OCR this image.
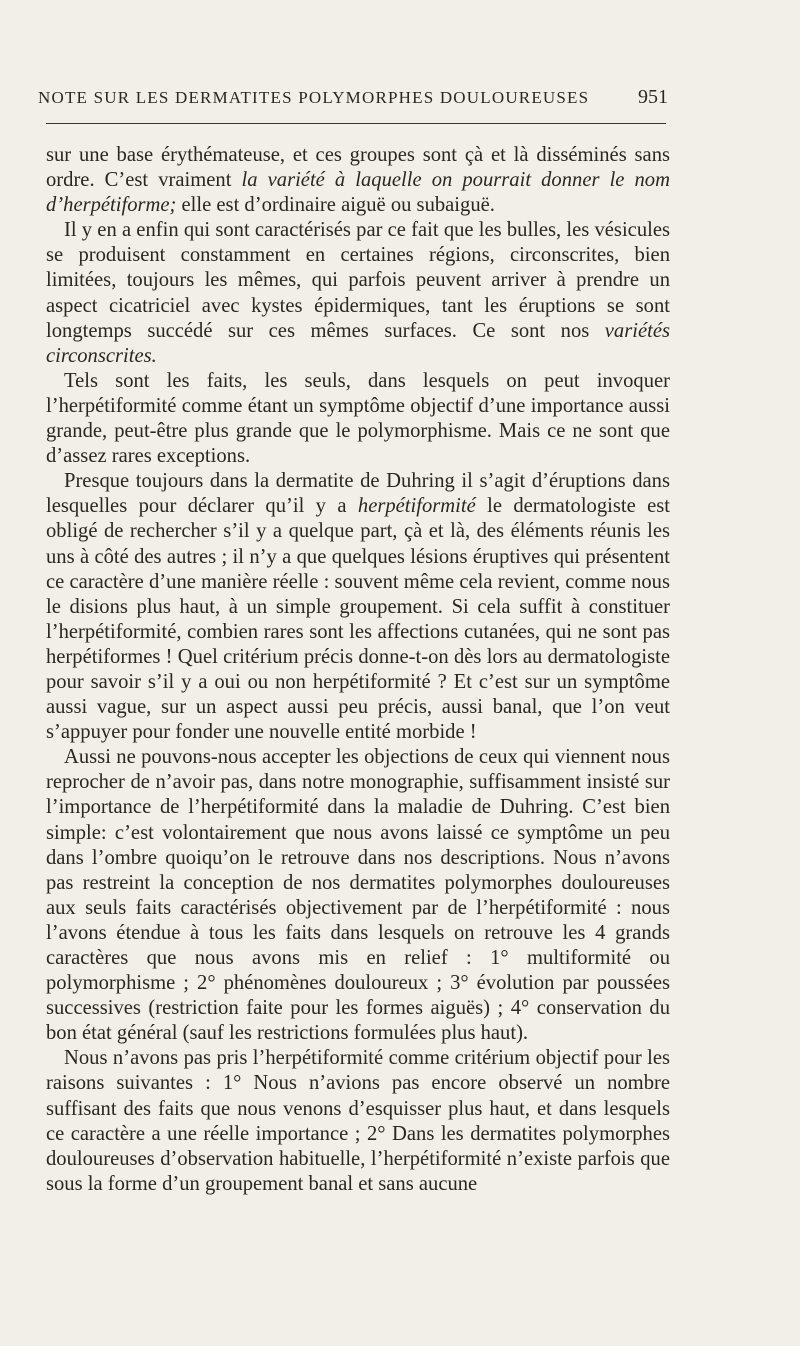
NOTE SUR LES DERMATITES POLYMORPHES DOULOUREUSES 951

sur une base érythémateuse, et ces groupes sont çà et là disséminés sans ordre. C’est vraiment la variété à laquelle on pourrait donner le nom d’herpétiforme; elle est d’ordinaire aiguë ou subaiguë.

Il y en a enfin qui sont caractérisés par ce fait que les bulles, les vésicules se produisent constamment en certaines régions, circonscrites, bien limitées, toujours les mêmes, qui parfois peuvent arriver à prendre un aspect cicatriciel avec kystes épidermiques, tant les éruptions se sont longtemps succédé sur ces mêmes surfaces. Ce sont nos variétés circonscrites.

Tels sont les faits, les seuls, dans lesquels on peut invoquer l’herpétiformité comme étant un symptôme objectif d’une importance aussi grande, peut-être plus grande que le polymorphisme. Mais ce ne sont que d’assez rares exceptions.

Presque toujours dans la dermatite de Duhring il s’agit d’éruptions dans lesquelles pour déclarer qu’il y a herpétiformité le dermatologiste est obligé de rechercher s’il y a quelque part, çà et là, des éléments réunis les uns à côté des autres ; il n’y a que quelques lésions éruptives qui présentent ce caractère d’une manière réelle : souvent même cela revient, comme nous le disions plus haut, à un simple groupement. Si cela suffit à constituer l’herpétiformité, combien rares sont les affections cutanées, qui ne sont pas herpétiformes ! Quel critérium précis donne-t-on dès lors au dermatologiste pour savoir s’il y a oui ou non herpétiformité ? Et c’est sur un symptôme aussi vague, sur un aspect aussi peu précis, aussi banal, que l’on veut s’appuyer pour fonder une nouvelle entité morbide !

Aussi ne pouvons-nous accepter les objections de ceux qui viennent nous reprocher de n’avoir pas, dans notre monographie, suffisamment insisté sur l’importance de l’herpétiformité dans la maladie de Duhring. C’est bien simple: c’est volontairement que nous avons laissé ce symptôme un peu dans l’ombre quoiqu’on le retrouve dans nos descriptions. Nous n’avons pas restreint la conception de nos dermatites polymorphes douloureuses aux seuls faits caractérisés objectivement par de l’herpétiformité : nous l’avons étendue à tous les faits dans lesquels on retrouve les 4 grands caractères que nous avons mis en relief : 1° multiformité ou polymorphisme ; 2° phénomènes douloureux ; 3° évolution par poussées successives (restriction faite pour les formes aiguës) ; 4° conservation du bon état général (sauf les restrictions formulées plus haut).

Nous n’avons pas pris l’herpétiformité comme critérium objectif pour les raisons suivantes : 1° Nous n’avions pas encore observé un nombre suffisant des faits que nous venons d’esquisser plus haut, et dans lesquels ce caractère a une réelle importance ; 2° Dans les dermatites polymorphes douloureuses d’observation habituelle, l’herpétiformité n’existe parfois que sous la forme d’un groupement banal et sans aucune
